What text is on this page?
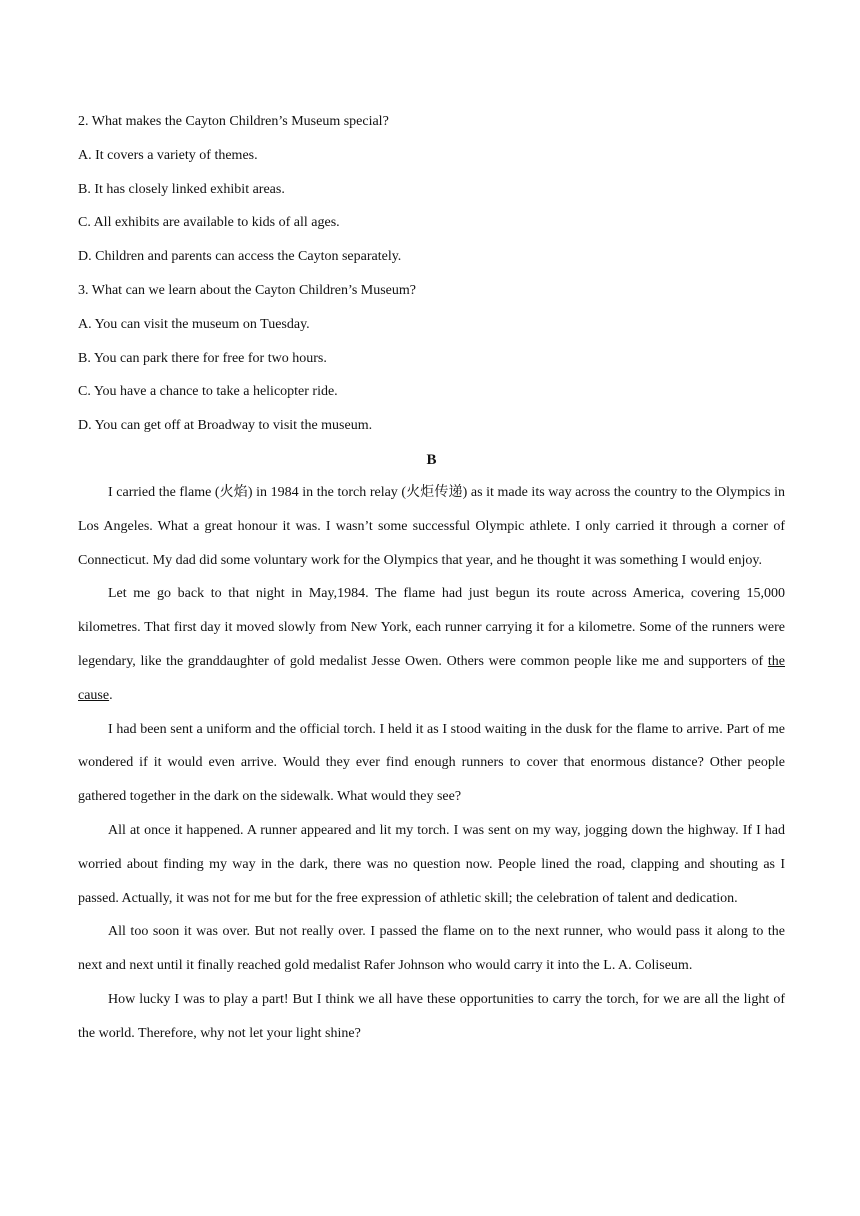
2. What makes the Cayton Children’s Museum special?
A. It covers a variety of themes.
B. It has closely linked exhibit areas.
C. All exhibits are available to kids of all ages.
D. Children and parents can access the Cayton separately.
3. What can we learn about the Cayton Children’s Museum?
A. You can visit the museum on Tuesday.
B. You can park there for free for two hours.
C. You have a chance to take a helicopter ride.
D. You can get off at Broadway to visit the museum.
B

I carried the flame (火焰) in 1984 in the torch relay (火炬传递) as it made its way across the country to the Olympics in Los Angeles. What a great honour it was. I wasn’t some successful Olympic athlete. I only carried it through a corner of Connecticut. My dad did some voluntary work for the Olympics that year, and he thought it was something I would enjoy.

Let me go back to that night in May,1984. The flame had just begun its route across America, covering 15,000 kilometres. That first day it moved slowly from New York, each runner carrying it for a kilometre. Some of the runners were legendary, like the granddaughter of gold medalist Jesse Owen. Others were common people like me and supporters of the cause.

I had been sent a uniform and the official torch. I held it as I stood waiting in the dusk for the flame to arrive. Part of me wondered if it would even arrive. Would they ever find enough runners to cover that enormous distance? Other people gathered together in the dark on the sidewalk. What would they see?

All at once it happened. A runner appeared and lit my torch. I was sent on my way, jogging down the highway. If I had worried about finding my way in the dark, there was no question now. People lined the road, clapping and shouting as I passed. Actually, it was not for me but for the free expression of athletic skill; the celebration of talent and dedication.

All too soon it was over. But not really over. I passed the flame on to the next runner, who would pass it along to the next and next until it finally reached gold medalist Rafer Johnson who would carry it into the L. A. Coliseum.

How lucky I was to play a part! But I think we all have these opportunities to carry the torch, for we are all the light of the world. Therefore, why not let your light shine?
